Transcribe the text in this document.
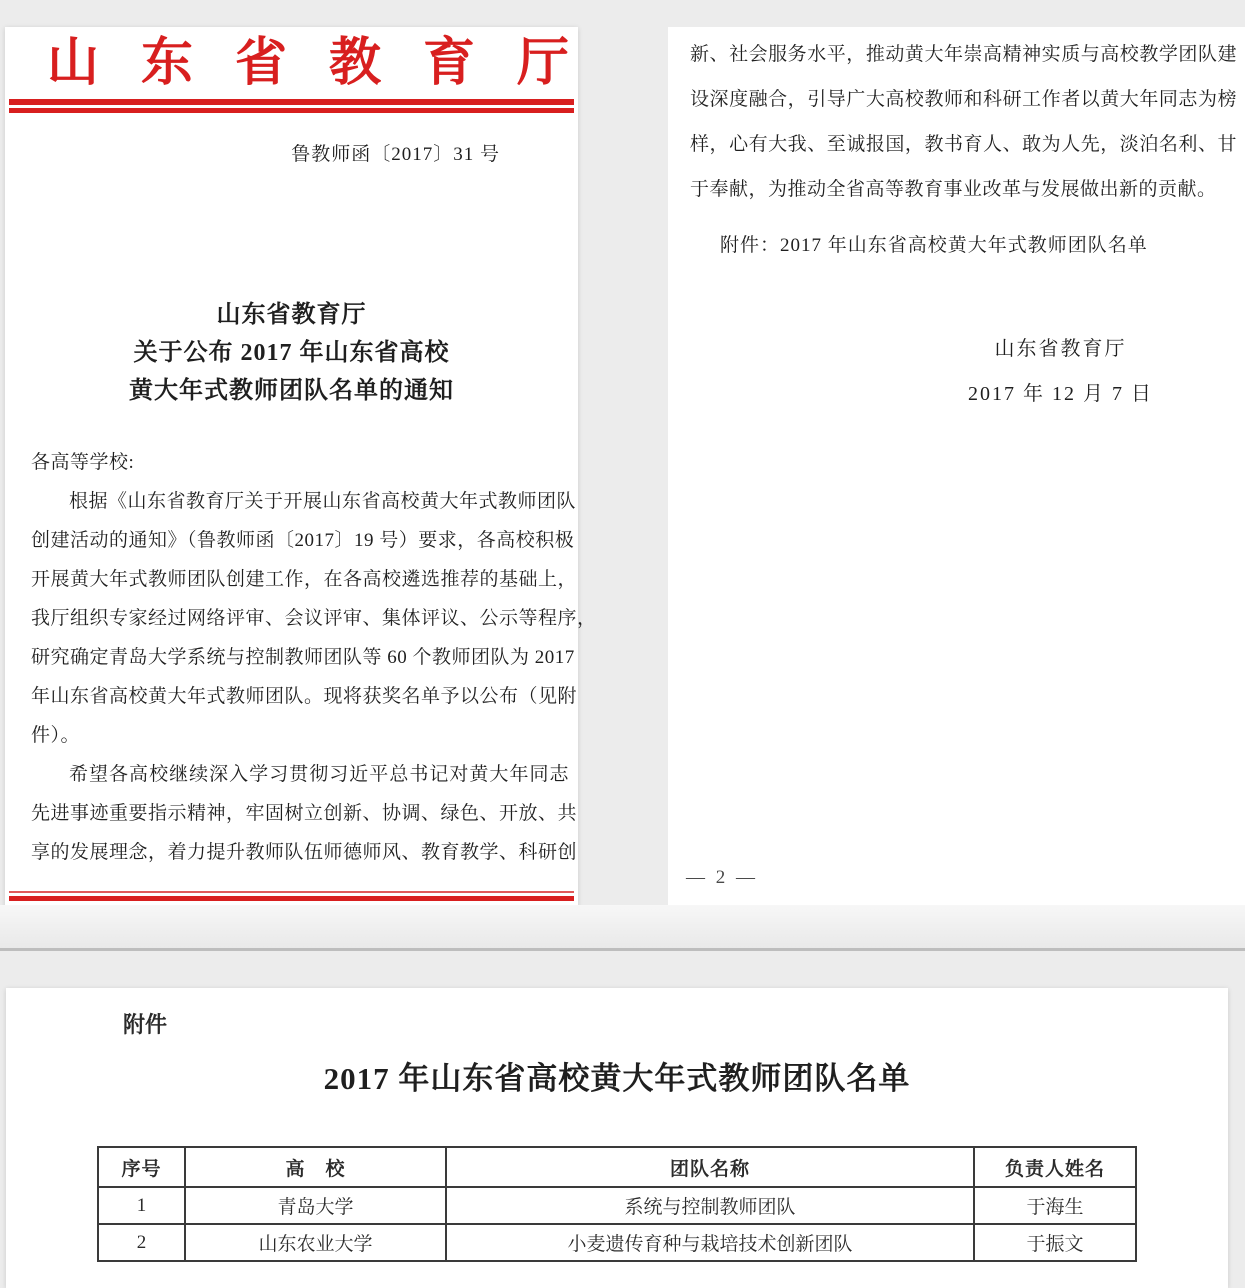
山东省教育厅
鲁教师函〔2017〕31 号
山东省教育厅
关于公布 2017 年山东省高校
黄大年式教师团队名单的通知
各高等学校:
根据《山东省教育厅关于开展山东省高校黄大年式教师团队
创建活动的通知》（鲁教师函〔2017〕19 号）要求，各高校积极
开展黄大年式教师团队创建工作，在各高校遴选推荐的基础上，
我厅组织专家经过网络评审、会议评审、集体评议、公示等程序，
研究确定青岛大学系统与控制教师团队等 60 个教师团队为 2017
年山东省高校黄大年式教师团队。现将获奖名单予以公布（见附
件）。
希望各高校继续深入学习贯彻习近平总书记对黄大年同志
先进事迹重要指示精神，牢固树立创新、协调、绿色、开放、共
享的发展理念，着力提升教师队伍师德师风、教育教学、科研创
新、社会服务水平，推动黄大年崇高精神实质与高校教学团队建
设深度融合，引导广大高校教师和科研工作者以黄大年同志为榜
样，心有大我、至诚报国，教书育人、敢为人先，淡泊名利、甘
于奉献，为推动全省高等教育事业改革与发展做出新的贡献。
附件：2017 年山东省高校黄大年式教师团队名单
山东省教育厅
2017 年 12 月 7 日
— 2 —
附件
2017 年山东省高校黄大年式教师团队名单
序号	高　校	团队名称	负责人姓名
1	青岛大学	系统与控制教师团队	于海生
2	山东农业大学	小麦遗传育种与栽培技术创新团队	于振文
